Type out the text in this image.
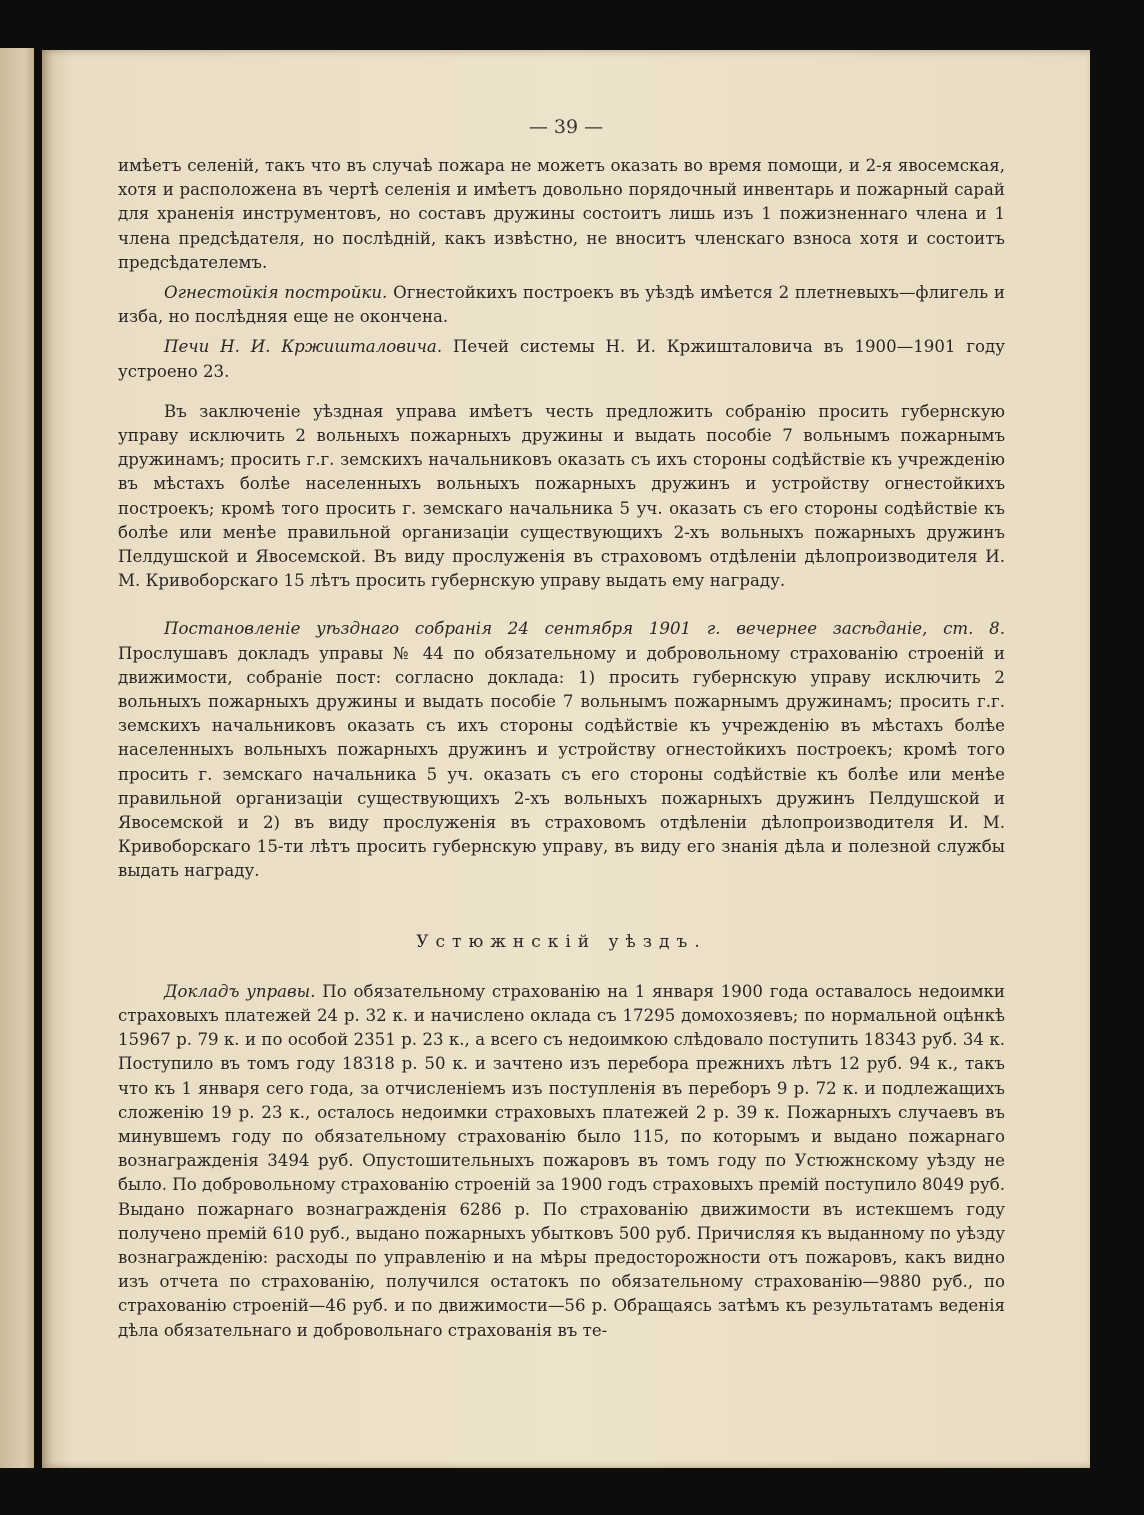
— 39 —

имѣетъ селеній, такъ что въ случаѣ пожара не можетъ оказать во время помощи, и 2-я явосемская, хотя и расположена въ чертѣ селенія и имѣетъ довольно порядочный инвентарь и пожарный сарай для храненія инструментовъ, но составъ дружины состоитъ лишь изъ 1 пожизненнаго члена и 1 члена предсѣдателя, но послѣдній, какъ извѣстно, не вноситъ членскаго взноса хотя и состоитъ предсѣдателемъ.

Огнестойкія постройки. Огнестойкихъ построекъ въ уѣздѣ имѣется 2 плетневыхъ—флигель и изба, но послѣдняя еще не окончена.

Печи Н. И. Кржишталовича. Печей системы Н. И. Кржишталовича въ 1900—1901 году устроено 23.

Въ заключеніе уѣздная управа имѣетъ честь предложить собранію просить губернскую управу исключить 2 вольныхъ пожарныхъ дружины и выдать пособіе 7 вольнымъ пожарнымъ дружинамъ; просить г.г. земскихъ начальниковъ оказать съ ихъ стороны содѣйствіе къ учрежденію въ мѣстахъ болѣе населенныхъ вольныхъ пожарныхъ дружинъ и устройству огнестойкихъ построекъ; кромѣ того просить г. земскаго начальника 5 уч. оказать съ его стороны содѣйствіе къ болѣе или менѣе правильной организаціи существующихъ 2-хъ вольныхъ пожарныхъ дружинъ Пелдушской и Явосемской. Въ виду прослуженія въ страховомъ отдѣленіи дѣлопроизводителя И. М. Кривоборскаго 15 лѣтъ просить губернскую управу выдать ему награду.

Постановленіе уѣзднаго собранія 24 сентября 1901 г. вечернее засѣданіе, ст. 8. Прослушавъ докладъ управы № 44 по обязательному и добровольному страхованію строеній и движимости, собраніе пост: согласно доклада: 1) просить губернскую управу исключить 2 вольныхъ пожарныхъ дружины и выдать пособіе 7 вольнымъ пожарнымъ дружинамъ; просить г.г. земскихъ начальниковъ оказать съ ихъ стороны содѣйствіе къ учрежденію въ мѣстахъ болѣе населенныхъ вольныхъ пожарныхъ дружинъ и устройству огнестойкихъ построекъ; кромѣ того просить г. земскаго начальника 5 уч. оказать съ его стороны содѣйствіе къ болѣе или менѣе правильной организаціи существующихъ 2-хъ вольныхъ пожарныхъ дружинъ Пелдушской и Явосемской и 2) въ виду прослуженія въ страховомъ отдѣленіи дѣлопроизводителя И. М. Кривоборскаго 15-ти лѣтъ просить губернскую управу, въ виду его знанія дѣла и полезной службы выдать награду.

Устюжнскій уѣздъ.

Докладъ управы. По обязательному страхованію на 1 января 1900 года оставалось недоимки страховыхъ платежей 24 р. 32 к. и начислено оклада съ 17295 домохозяевъ; по нормальной оцѣнкѣ 15967 р. 79 к. и по особой 2351 р. 23 к., а всего съ недоимкою слѣдовало поступить 18343 руб. 34 к. Поступило въ томъ году 18318 р. 50 к. и зачтено изъ перебора прежнихъ лѣтъ 12 руб. 94 к., такъ что къ 1 января сего года, за отчисленіемъ изъ поступленія въ переборъ 9 р. 72 к. и подлежащихъ сложенію 19 р. 23 к., осталось недоимки страховыхъ платежей 2 р. 39 к. Пожарныхъ случаевъ въ минувшемъ году по обязательному страхованію было 115, по которымъ и выдано пожарнаго вознагражденія 3494 руб. Опустошительныхъ пожаровъ въ томъ году по Устюжнскому уѣзду не было. По добровольному страхованію строеній за 1900 годъ страховыхъ премій поступило 8049 руб. Выдано пожарнаго вознагражденія 6286 р. По страхованію движимости въ истекшемъ году получено премій 610 руб., выдано пожарныхъ убытковъ 500 руб. Причисляя къ выданному по уѣзду вознагражденію: расходы по управленію и на мѣры предосторожности отъ пожаровъ, какъ видно изъ отчета по страхованію, получился остатокъ по обязательному страхованію—9880 руб., по страхованію строеній—46 руб. и по движимости—56 р. Обращаясь затѣмъ къ результатамъ веденія дѣла обязательнаго и добровольнаго страхованія въ те-
